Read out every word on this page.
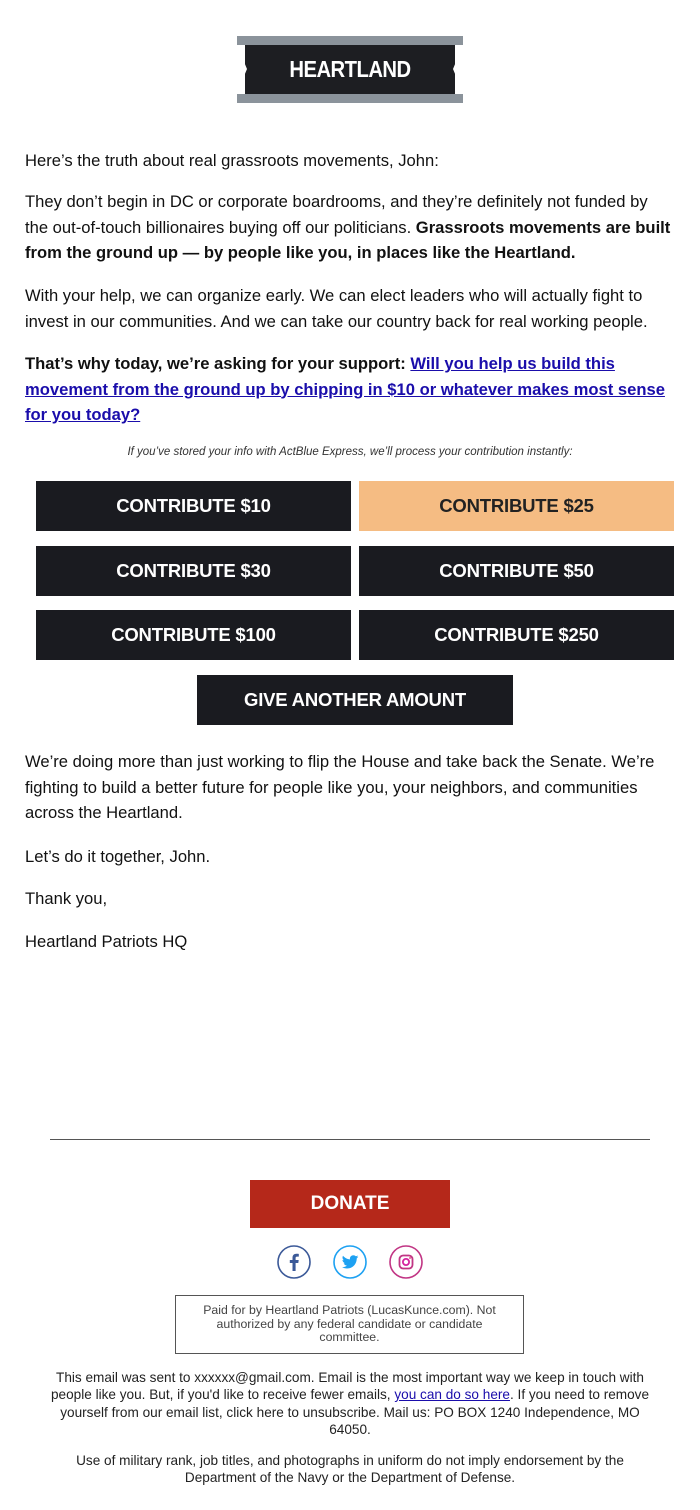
HEARTLAND PATRIOTS

Here’s the truth about real grassroots movements, John:

They don’t begin in DC or corporate boardrooms, and they’re definitely not funded by the out-of-touch billionaires buying off our politicians. Grassroots movements are built from the ground up — by people like you, in places like the Heartland.

With your help, we can organize early. We can elect leaders who will actually fight to invest in our communities. And we can take our country back for real working people.

That’s why today, we’re asking for your support: Will you help us build this movement from the ground up by chipping in $10 or whatever makes most sense for you today?

If you’ve stored your info with ActBlue Express, we’ll process your contribution instantly:
CONTRIBUTE $10	CONTRIBUTE $25
CONTRIBUTE $30	CONTRIBUTE $50
CONTRIBUTE $100	CONTRIBUTE $250
GIVE ANOTHER AMOUNT

We’re doing more than just working to flip the House and take back the Senate. We’re fighting to build a better future for people like you, your neighbors, and communities across the Heartland.

Let’s do it together, John.

Thank you,

Heartland Patriots HQ

DONATE
Paid for by Heartland Patriots (LucasKunce.com). Not authorized by any federal candidate or candidate committee.

This email was sent to xxxxxx@gmail.com. Email is the most important way we keep in touch with people like you. But, if you'd like to receive fewer emails, you can do so here. If you need to remove yourself from our email list, click here to unsubscribe. Mail us: PO BOX 1240 Independence, MO 64050.

Use of military rank, job titles, and photographs in uniform do not imply endorsement by the Department of the Navy or the Department of Defense.
